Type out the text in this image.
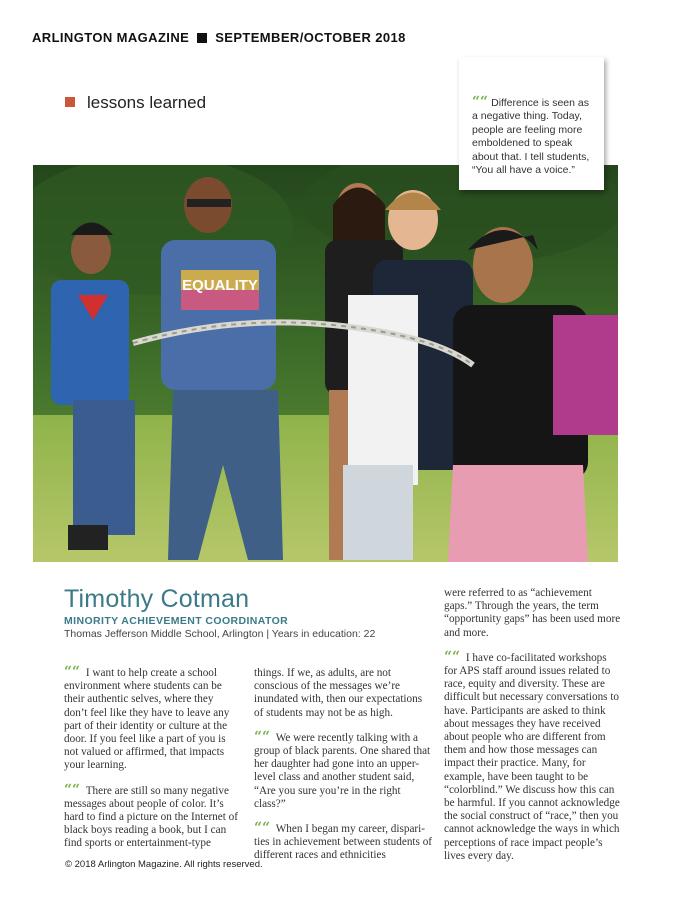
ARLINGTON MAGAZINE SEPTEMBER/OCTOBER 2018
lessons learned
EQUALITY
““ Difference is seen as a negative thing. Today, people are feeling more emboldened to speak about that. I tell students, “You all have a voice.”
Timothy Cotman
MINORITY ACHIEVEMENT COORDINATOR
Thomas Jefferson Middle School, Arlington | Years in education: 22

““ I want to help create a school environment where students can be their authentic selves, where they don’t feel like they have to leave any part of their identity or culture at the door. If you feel like a part of you is not valued or affirmed, that impacts your learning.

““ There are still so many negative messages about people of color. It’s hard to find a picture on the Internet of black boys reading a book, but I can find sports or entertainment-type

things. If we, as adults, are not conscious of the messages we’re inundated with, then our expectations of students may not be as high.

““ We were recently talking with a group of black parents. One shared that her daughter had gone into an upper-level class and another student said, “Are you sure you’re in the right class?”

““ When I began my career, disparities in achievement between students of different races and ethnicities

were referred to as “achievement gaps.” Through the years, the term “opportunity gaps” has been used more and more.

““ I have co-facilitated workshops for APS staff around issues related to race, equity and diversity. These are difficult but necessary conversations to have. Participants are asked to think about messages they have received about people who are different from them and how those messages can impact their practice. Many, for example, have been taught to be “colorblind.” We discuss how this can be harmful. If you cannot acknowledge the social construct of “race,” then you cannot acknowledge the ways in which perceptions of race impact people’s lives every day.

© 2018 Arlington Magazine. All rights reserved.
